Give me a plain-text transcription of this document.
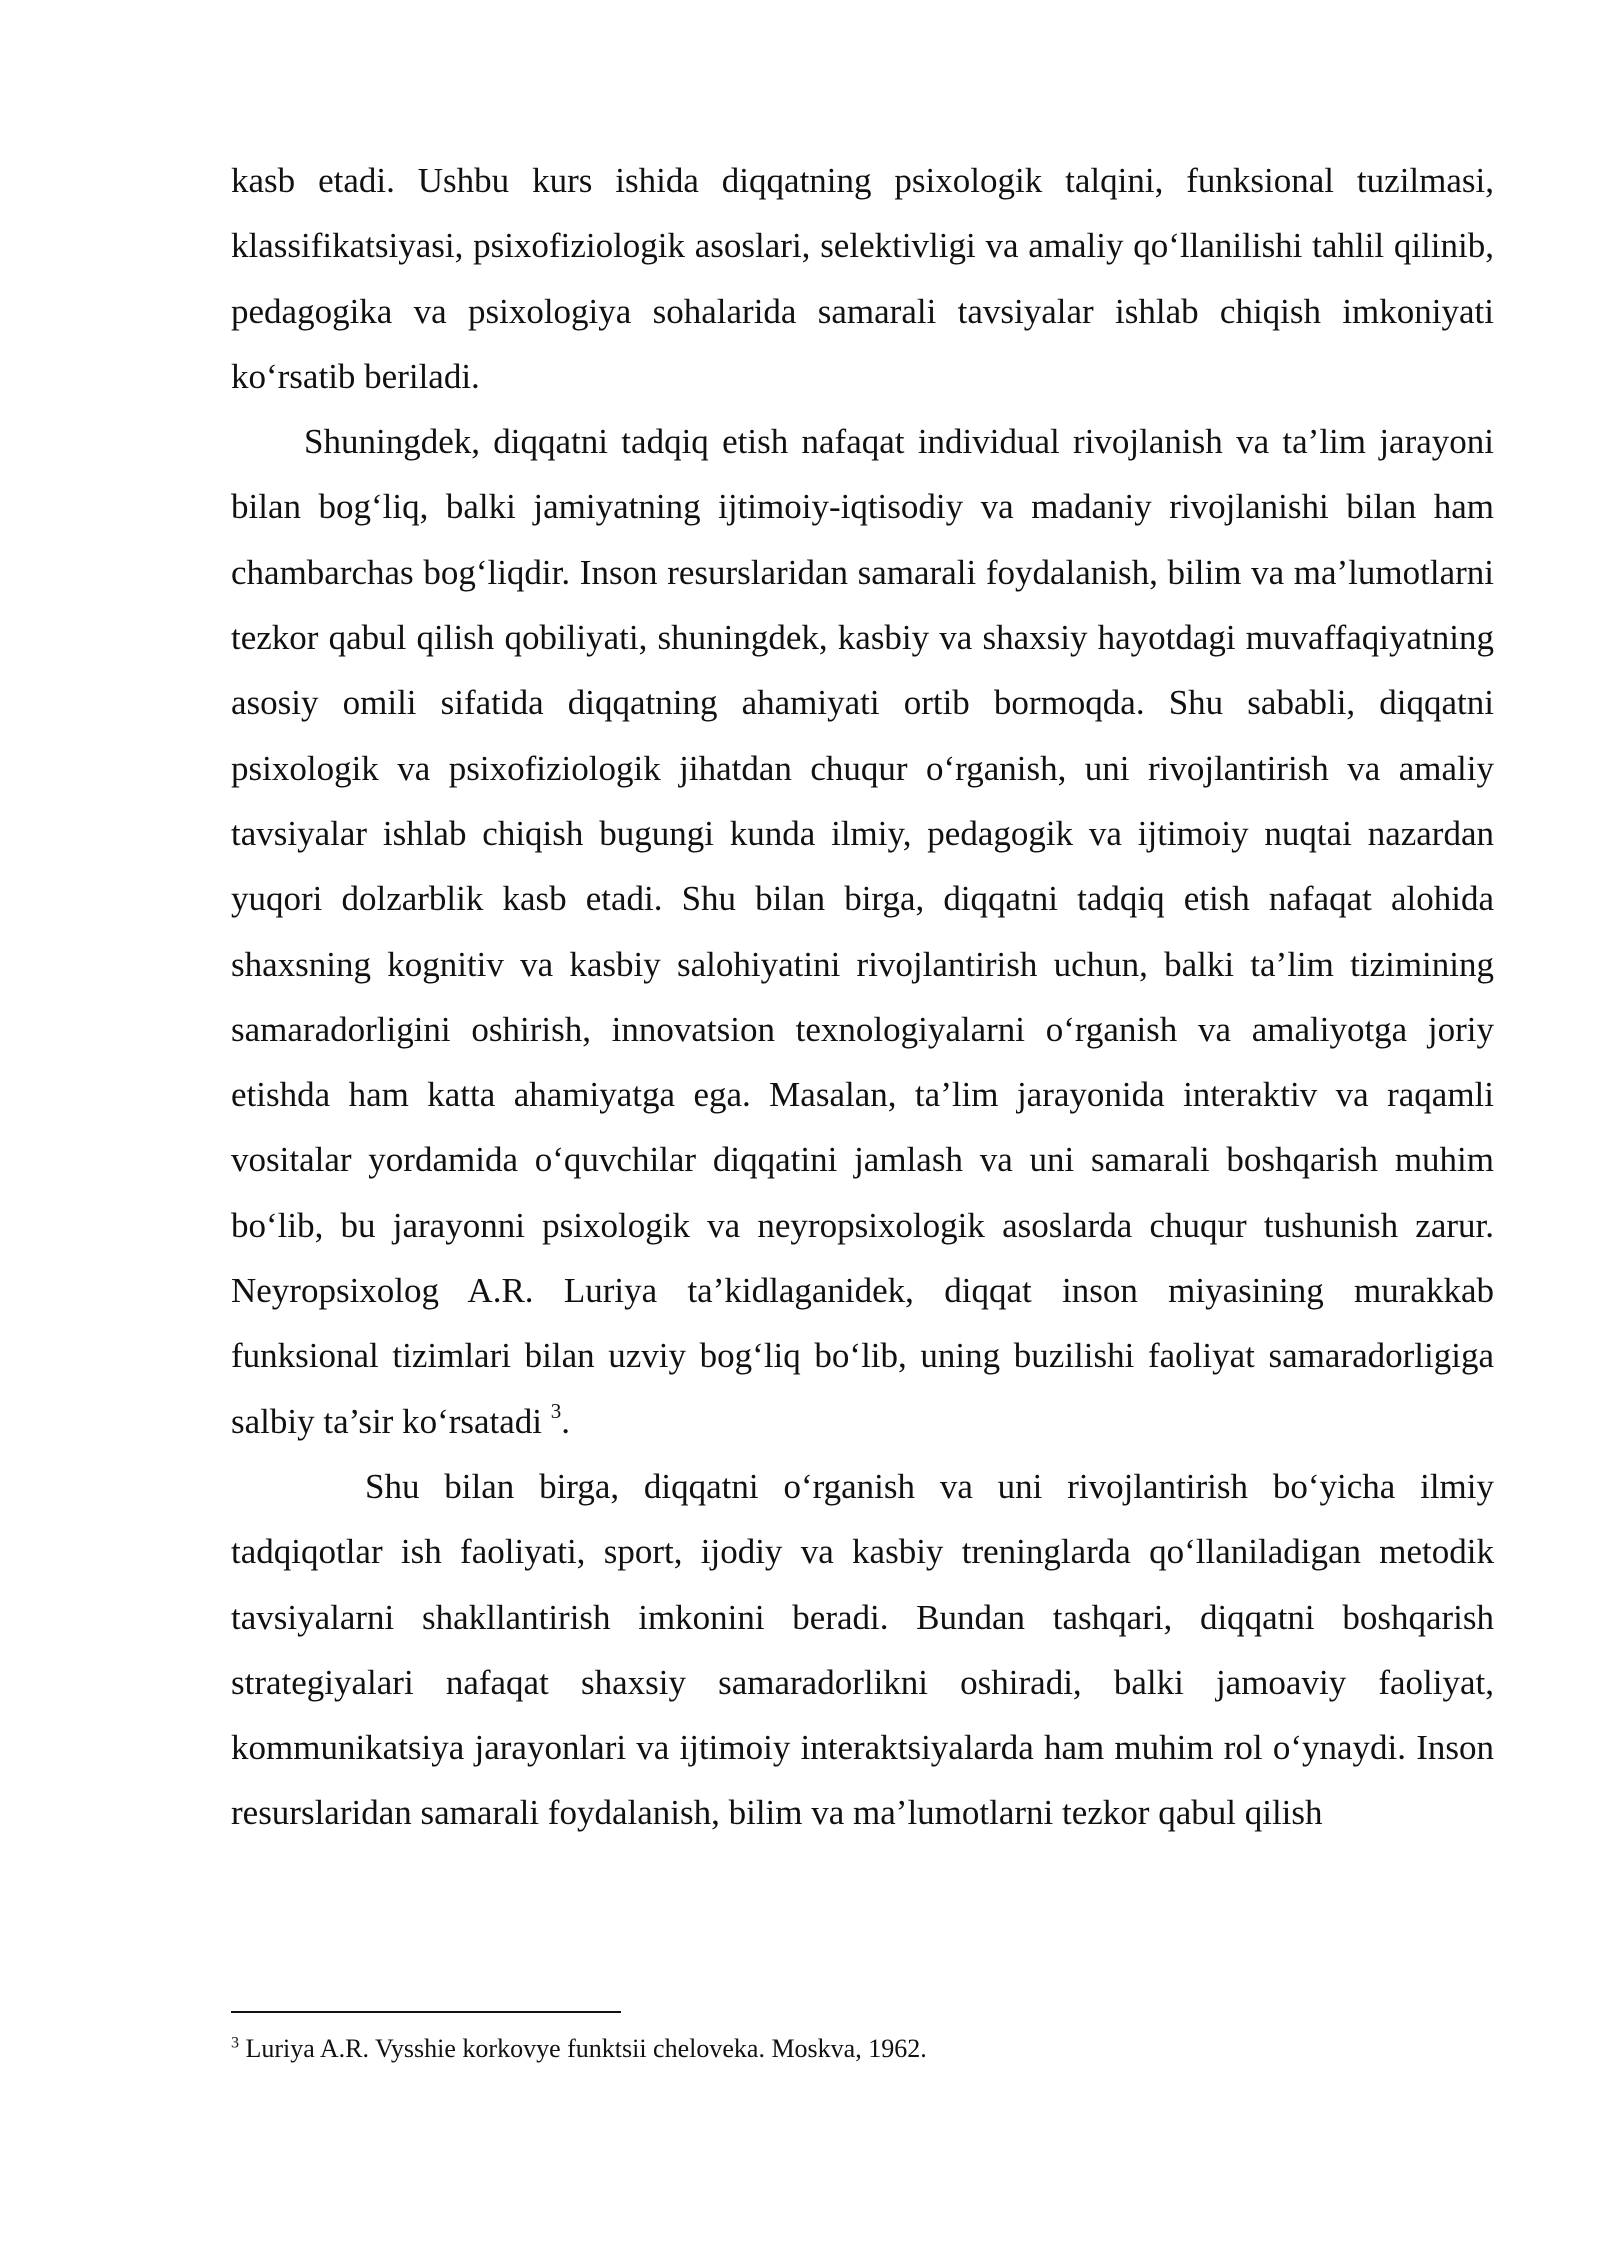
kasb etadi. Ushbu kurs ishida diqqatning psixologik talqini, funksional tuzilmasi, klassifikatsiyasi, psixofiziologik asoslari, selektivligi va amaliy qo‘llanilishi tahlil qilinib, pedagogika va psixologiya sohalarida samarali tavsiyalar ishlab chiqish imkoniyati ko‘rsatib beriladi.

Shuningdek, diqqatni tadqiq etish nafaqat individual rivojlanish va ta’lim jarayoni bilan bog‘liq, balki jamiyatning ijtimoiy-iqtisodiy va madaniy rivojlanishi bilan ham chambarchas bog‘liqdir. Inson resurslaridan samarali foydalanish, bilim va ma’lumotlarni tezkor qabul qilish qobiliyati, shuningdek, kasbiy va shaxsiy hayotdagi muvaffaqiyatning asosiy omili sifatida diqqatning ahamiyati ortib bormoqda. Shu sababli, diqqatni psixologik va psixofiziologik jihatdan chuqur o‘rganish, uni rivojlantirish va amaliy tavsiyalar ishlab chiqish bugungi kunda ilmiy, pedagogik va ijtimoiy nuqtai nazardan yuqori dolzarblik kasb etadi. Shu bilan birga, diqqatni tadqiq etish nafaqat alohida shaxsning kognitiv va kasbiy salohiyatini rivojlantirish uchun, balki ta’lim tizimining samaradorligini oshirish, innovatsion texnologiyalarni o‘rganish va amaliyotga joriy etishda ham katta ahamiyatga ega. Masalan, ta’lim jarayonida interaktiv va raqamli vositalar yordamida o‘quvchilar diqqatini jamlash va uni samarali boshqarish muhim bo‘lib, bu jarayonni psixologik va neyropsixologik asoslarda chuqur tushunish zarur. Neyropsixolog A.R. Luriya ta’kidlaganidek, diqqat inson miyasining murakkab funksional tizimlari bilan uzviy bog‘liq bo‘lib, uning buzilishi faoliyat samaradorligiga salbiy ta’sir ko‘rsatadi $^3$.

Shu bilan birga, diqqatni o‘rganish va uni rivojlantirish bo‘yicha ilmiy tadqiqotlar ish faoliyati, sport, ijodiy va kasbiy treninglarda qo‘llaniladigan metodik tavsiyalarni shakllantirish imkonini beradi. Bundan tashqari, diqqatni boshqarish strategiyalari nafaqat shaxsiy samaradorlikni oshiradi, balki jamoaviy faoliyat, kommunikatsiya jarayonlari va ijtimoiy interaktsiyalarda ham muhim rol o‘ynaydi. Inson resurslaridan samarali foydalanish, bilim va ma’lumotlarni tezkor qabul qilish

$^3$ Luriya A.R. Vysshie korkovye funktsii cheloveka. Moskva, 1962.
